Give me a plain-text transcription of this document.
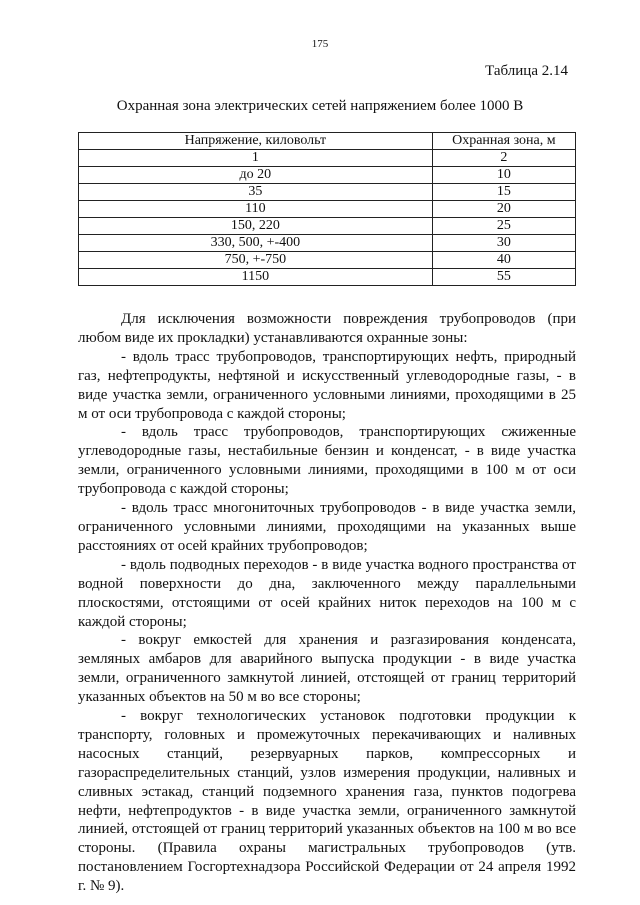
175
Таблица 2.14
Охранная зона электрических сетей напряжением более 1000 В
Напряжение, киловольт	Охранная зона, м
1	2
до 20	10
35	15
110	20
150, 220	25
330, 500, +-400	30
750, +-750	40
1150	55

Для исключения возможности повреждения трубопроводов (при любом виде их прокладки) устанавливаются охранные зоны:

- вдоль трасс трубопроводов, транспортирующих нефть, природный газ, нефтепродукты, нефтяной и искусственный углеводородные газы, - в виде участка земли, ограниченного условными линиями, проходящими в 25 м от оси трубопровода с каждой стороны;

- вдоль трасс трубопроводов, транспортирующих сжиженные углеводородные газы, нестабильные бензин и конденсат, - в виде участка земли, ограниченного условными линиями, проходящими в 100 м от оси трубопровода с каждой стороны;

- вдоль трасс многониточных трубопроводов - в виде участка земли, ограниченного условными линиями, проходящими на указанных выше расстояниях от осей крайних трубопроводов;

- вдоль подводных переходов - в виде участка водного пространства от водной поверхности до дна, заключенного между параллельными плоскостями, отстоящими от осей крайних ниток переходов на 100 м с каждой стороны;

- вокруг емкостей для хранения и разгазирования конденсата, земляных амбаров для аварийного выпуска продукции - в виде участка земли, ограниченного замкнутой линией, отстоящей от границ территорий указанных объектов на 50 м во все стороны;

- вокруг технологических установок подготовки продукции к транспорту, головных и промежуточных перекачивающих и наливных насосных станций, резервуарных парков, компрессорных и газораспределительных станций, узлов измерения продукции, наливных и сливных эстакад, станций подземного хранения газа, пунктов подогрева нефти, нефтепродуктов - в виде участка земли, ограниченного замкнутой линией, отстоящей от границ территорий указанных объектов на 100 м во все стороны. (Правила охраны магистральных трубопроводов (утв. постановлением Госгортехнадзора Российской Федерации от 24 апреля 1992 г. № 9).
